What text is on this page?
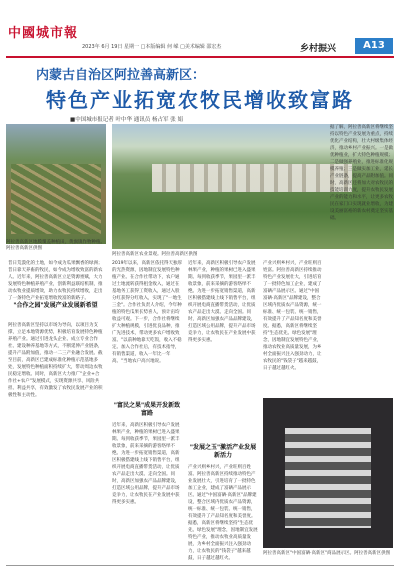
中國城市報
2023年 6月 19日 星期一 □本版编辑 何 嵘 □美术编辑 邵宏杰	乡村振兴	A13
内蒙古自治区阿拉善高新区：
特色产业拓宽农牧民增收致富路
■中国城市报记者 叶中华 通讯员 杨占军 张 娟
阿拉善高新区地膜覆盖种植田，黄旗镇作物种植。阿拉善高新区供图
阿拉善高新区农业景观。阿拉善高新区供图
昔日荒漠化的土地，如今成为瓜果飘香的绿洲；昔日靠天养畜的牧民，如今成为增收致富的新农人。近年来，阿拉善高新区立足资源禀赋，大力发展特色种植养殖产业，创新利益联结机制，推动农牧业提质增效，助力农牧民持续增收，走出了一条特色产业拓宽增收致富的新路子。
"合作之园"发展产业发展新希望
阿拉善高新区坚持以市场为导向，以项目为支撑，立足本地资源优势，积极培育发展特色种植养殖产业。通过引进龙头企业、成立专业合作社、建设种养基地等方式，不断延伸产业链条，提升产品附加值，推动一二三产业融合发展。截至目前，高新区已建成标准化种植示范基地多处，发展特色种植面积持续扩大，带动周边农牧民稳定增收。同时，高新区大力推广"企业+合作社+农户"发展模式，实现资源共享、风险共担、利益共享，有效激发了农牧民发展产业的积极性和主动性。
2019年以来，高新区依托得天独厚的光热资源，因地制宜发展特色种植产业。在合作社带动下，农户通过土地流转获得租金收入，通过在基地务工获得工资收入，通过入股分红获得分红收入，实现了"一地生三金"。合作社负责人介绍，今年种植的特色瓜果长势喜人，预计亩均收益可观。下一步，合作社将继续扩大种植规模，引进优良品种，推广先进技术，带动更多农户增收致富。"以前种地靠天吃饭，收入不稳定。加入合作社后，有技术指导，有销售渠道，收入一年比一年高。"当地农户高兴地说。
"富民之果"成果开发新致富路
近年来，高新区积极引导农户发展林果产业，种植的果树已进入盛果期。每到收获季节，果园里一派丰收景象，前来采摘的游客络绎不绝。为进一步拓宽销售渠道，高新区积极搭建线上线下销售平台，组织开展电商直播带货活动，让优质农产品走出大漠、走向全国。同时，高新区加强农产品品牌建设，打造区域公用品牌，提升产品市场竞争力，让农牧民在产业发展中获得更多实惠。
近年来，高新区积极引导农户发展林果产业，种植的果树已进入盛果期。每到收获季节，果园里一派丰收景象，前来采摘的游客络绎不绝。为进一步拓宽销售渠道，高新区积极搭建线上线下销售平台，组织开展电商直播带货活动，让优质农产品走出大漠、走向全国。同时，高新区加强农产品品牌建设，打造区域公用品牌，提升产品市场竞争力，让农牧民在产业发展中获得更多实惠。
"发展之玉"激活产业发展新活力
产业兴则乡村兴，产业旺则百姓富。阿拉善高新区持续推动特色产业发展壮大，引进培育了一批特色加工企业，建成了富硒产品展示区。通过"中国富硒·高新区"品牌建设，整合区域内优质农产品资源，统一标准、统一包装、统一销售，有效提升了产品知名度和美誉度。据悉，高新区将继续坚持"生态优先、绿色发展"理念，因地制宜发展特色产业，推动农牧业高质量发展，为乡村全面振兴注入强劲动力，让农牧民的"钱袋子"越来越鼓，日子越过越红火。
产业兴则乡村兴，产业旺则百姓富。阿拉善高新区持续推动特色产业发展壮大，引进培育了一批特色加工企业，建成了富硒产品展示区。通过"中国富硒·高新区"品牌建设，整合区域内优质农产品资源，统一标准、统一包装、统一销售，有效提升了产品知名度和美誉度。据悉，高新区将继续坚持"生态优先、绿色发展"理念，因地制宜发展特色产业，推动农牧业高质量发展，为乡村全面振兴注入强劲动力，让农牧民的"钱袋子"越来越鼓，日子越过越红火。
据了解，阿拉善高新区将继续坚持以特色产业发展为重点，持续优化产业结构，壮大村级集体经济，推动乡村产业振兴。一是做优种植业，扩大特色种植规模；二是做强养殖业，推进标准化规模养殖；三是做实加工业，延长产业链条，提高产品附加值。同时，高新区还将加大对农牧民的技能培训力度，提升农牧民发展产业的能力和水平，让更多农牧民在家门口实现就业增收，为建设美丽富裕的新农村奠定坚实基础。
阿拉善高新区"中国富硒·高新区"商品展示区。阿拉善高新区供图
